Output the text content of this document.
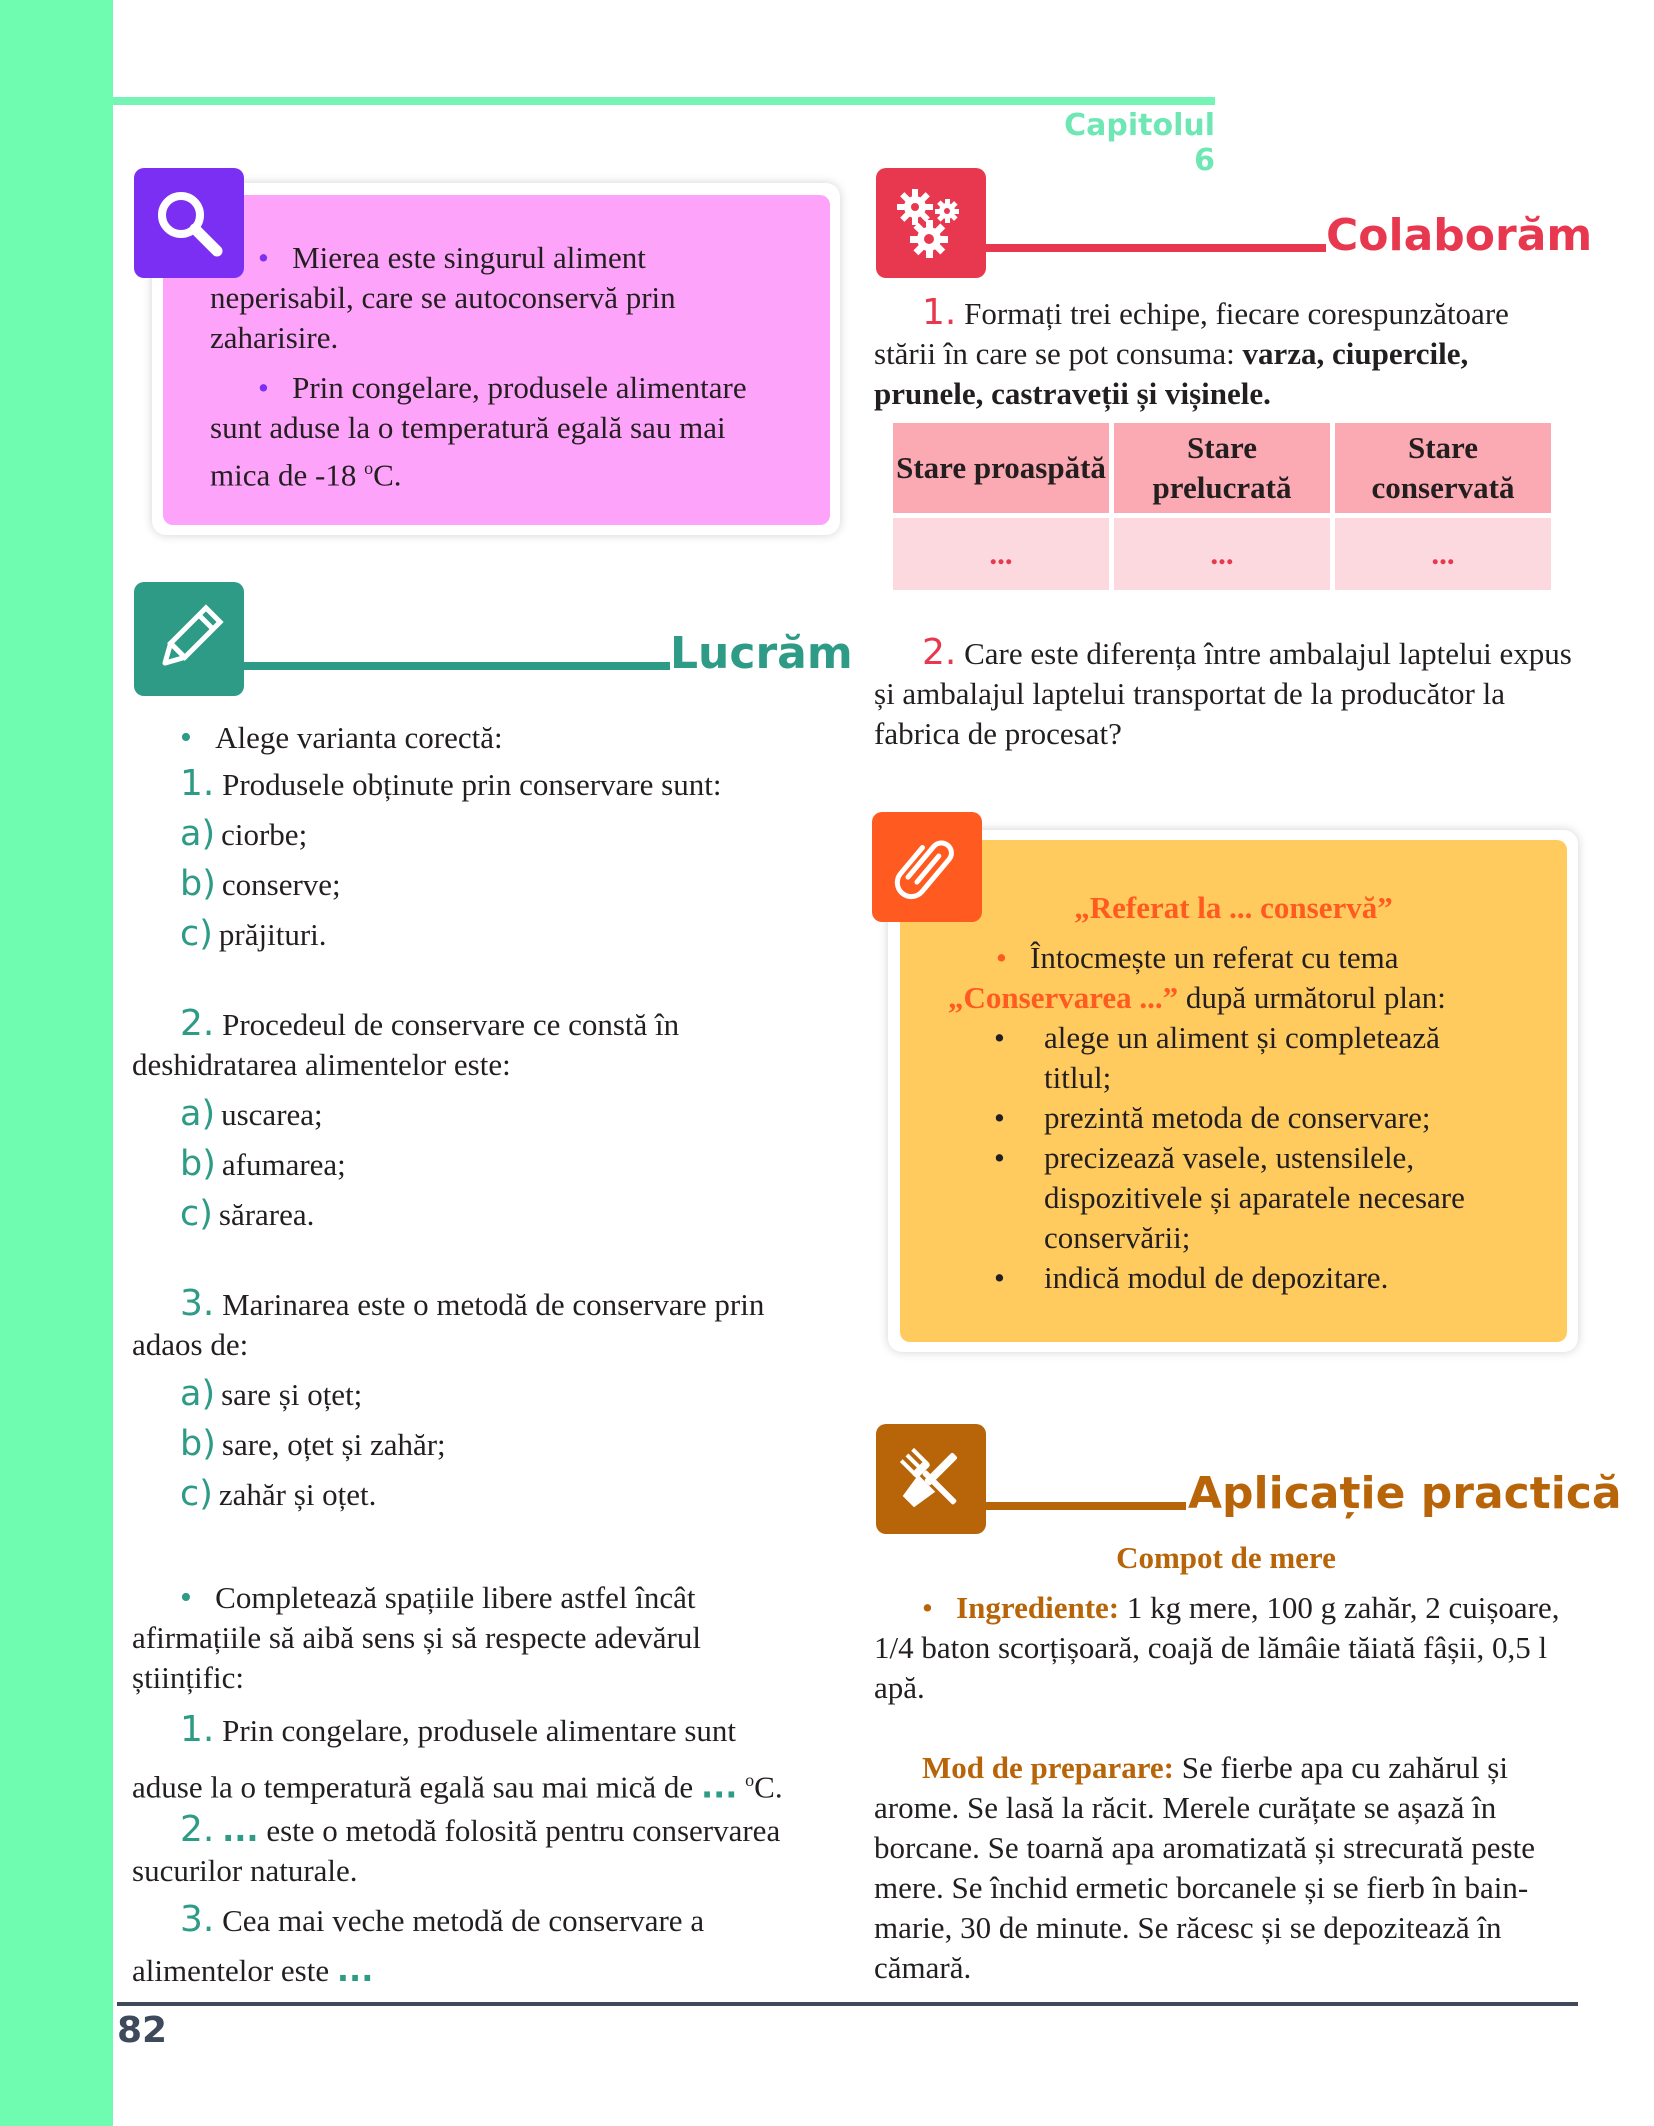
Capitolul 6
• Mierea este singurul aliment neperisabil, care se autoconservă prin zaharisire.
• Prin congelare, produsele alimentare sunt aduse la o temperatură egală sau mai mica de -18 $^o$C.
Colaborăm
1. Formați trei echipe, fiecare corespunzătoare stării în care se pot consuma: varza, ciupercile, prunele, castraveții și vișinele.
Stare proaspătă	Stare prelucrată	Stare conservată
...	...	...
2. Care este diferența între ambalajul laptelui expus și ambalajul laptelui transportat de la producător la fabrica de procesat?
Lucrăm
• Alege varianta corectă:
1. Produsele obținute prin conservare sunt:
a) ciorbe;
b) conserve;
c) prăjituri.
2. Procedeul de conservare ce constă în deshidratarea alimentelor este:
a) uscarea;
b) afumarea;
c) sărarea.
3. Marinarea este o metodă de conservare prin adaos de:
a) sare și oțet;
b) sare, oțet și zahăr;
c) zahăr și oțet.
• Completează spațiile libere astfel încât afirmațiile să aibă sens și să respecte adevărul științific:
1. Prin congelare, produsele alimentare sunt
aduse la o temperatură egală sau mai mică de ... $^o$C.
2. ... este o metodă folosită pentru conservarea sucurilor naturale.
3. Cea mai veche metodă de conservare a
alimentelor este ...
„Referat la ... conservă”
• Întocmește un referat cu tema „Conservarea ...” după următorul plan:
•	alege un aliment și completează titlul;
•	prezintă metoda de conservare;
•	precizează vasele, ustensilele, dispozitivele și aparatele necesare conservării;
•	indică modul de depozitare.
Aplicație practică
Compot de mere
• Ingrediente: 1 kg mere, 100 g zahăr, 2 cuișoare, 1/4 baton scorțișoară, coajă de lămâie tăiată fâșii, 0,5 l apă.
Mod de preparare: Se fierbe apa cu zahărul și arome. Se lasă la răcit. Merele curățate se așază în borcane. Se toarnă apa aromatizată și strecurată peste mere. Se închid ermetic borcanele și se fierb în bain-marie, 30 de minute. Se răcesc și se depozitează în cămară.
82
